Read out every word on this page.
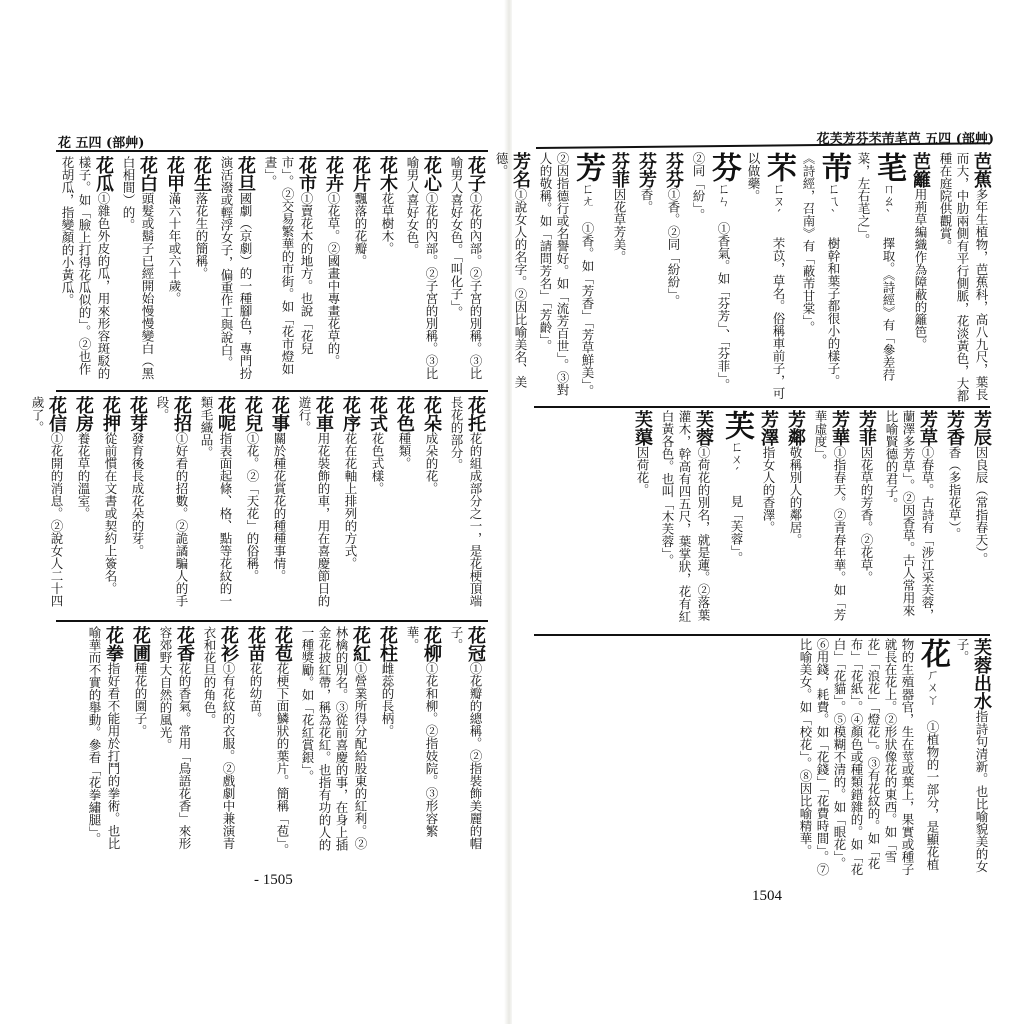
花 五四 (部艸)
花子①花的內部。②子宮的別稱。③比喻男人喜好女色。「叫化子」。
花心①花的內部。②子宮的別稱。③比喻男人喜好女色。
花木花草樹木。
花片飄落的花瓣。
花卉①花草。②國畫中專畫花草的。
花市①賣花木的地方。也說「花兒市」。②交易繁華的市街。如「花市燈如晝」。
花旦國劇（京劇）的一種腳色，專門扮演活潑或輕浮女子，偏重作工與說白。
花生落花生的簡稱。
花甲滿六十年或六十歲。
花白頭髮或鬍子已經開始慢慢變白（黑白相間）的。
花瓜①雜色外皮的瓜，用來形容斑駁的樣子。如「臉上打得花瓜似的」。②也作花胡瓜，指變顏的小黃瓜。
花托花的組成部分之一，是花梗頂端長花的部分。
花朵成朵的花。
花色種類。
花式花色式樣。
花序花在花軸上排列的方式。
花車用花裝飾的車，用在喜慶節日的遊行。
花事關於種花賞花的種種事情。
花兒①花。②「天花」的俗稱。
花呢指表面起條、格、點等花紋的一類毛織品。
花招①好看的招數。②詭譎騙人的手段。
花芽發育後長成花朵的芽。
花押從前慣在文書或契約上簽名。
花房養花草的溫室。
花信①花開的消息。②說女人二十四歲了。
花冠①花瓣的總稱。②指裝飾美麗的帽子。
花柳①花和柳。②指妓院。③形容繁華。
花柱雌蕊的長柄。
花紅①營業所得分配給股東的紅利。②林檎的別名。③從前喜慶的事，在身上插金花披紅帶，稱為花紅。也指有功的人的一種獎勵。如「花紅賞銀」。
花苞花梗下面鱗狀的葉片。簡稱「苞」。
花苗花的幼苗。
花衫①有花紋的衣服。②戲劇中兼演青衣和花旦的角色。
花香花的香氣。常用「鳥語花香」來形容郊野大自然的風光。
花圃種花的園子。
花拳指好看不能用於打鬥的拳術。也比喻華而不實的舉動。參看「花拳繡腿」。
- 1505
花芙芳芬芣芾芼芭 五四 (部艸)
芭蕉多年生植物，芭蕉科，高八九尺，葉長而大，中肋兩側有平行側脈，花淡黃色，大都種在庭院供觀賞。
芭籬用荊草編織作為障蔽的籬笆。
芼ㄇㄠˋ 擇取。《詩經》有「參差荇菜，左右芼之」。
芾ㄈㄟˋ 樹幹和葉子都很小的樣子。《詩經，召南》有「蔽芾甘棠」。
芣ㄈㄡˊ 芣苡，草名。俗稱車前子，可以做藥。
芬ㄈㄣ ①香氣。如「芬芳」、「芬菲」。②同「紛」。
芬芬①香。②同「紛紛」。
芬芳香。
芬菲因花草芳美。
芳ㄈㄤ ①香。如「芳香」「芳草鮮美」。②因指德行或名譽好。如「流芳百世」。③對人的敬稱。如「請問芳名」「芳齡」。
芳名①說女人的名字。②因比喻美名、美德。
芳辰因良辰（常指春天）。
芳香香（多指花草）。
芳草①春草。古詩有「涉江采芙蓉，蘭澤多芳草」。②因香草。古人常用來比喻賢德的君子。
芳菲因花草的芳香。②花草。
芳華①指春天。②青春年華。如「芳華虛度」。
芳鄰敬稱別人的鄰居。
芳澤指女人的香澤。
芙ㄈㄨˊ 見「芙蓉」。
芙蓉①荷花的別名，就是蓮。②落葉灌木，幹高有四五尺，葉掌狀，花有紅白黃各色。也叫「木芙蓉」。
芙蕖因荷花。
芙蓉出水指詩句清新。也比喻貌美的女子。
花ㄏㄨㄚ ①植物的一部分，是顯花植物的生殖器官，生在莖或葉上，果實或種子就長在花上。②形狀像花的東西。如「雪花」「浪花」「燈花」。③有花紋的。如「花布」「花紙」。④顏色或種類錯雜的。如「花白」「花貓」。⑤模糊不清的。如「眼花」。⑥用錢，耗費。如「花錢」「花費時間」。⑦比喻美女。如「校花」。⑧因比喻精華。
1504
